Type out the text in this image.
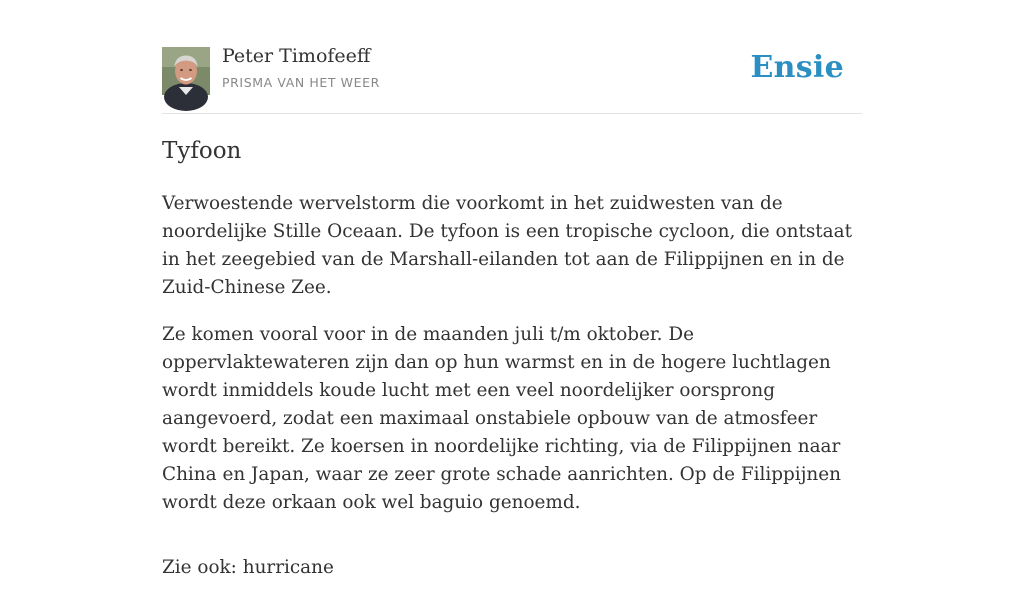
Peter Timofeeff
PRISMA VAN HET WEER	Ensie
Tyfoon

Verwoestende wervelstorm die voorkomt in het zuidwesten van de noordelijke Stille Oceaan. De tyfoon is een tropische cycloon, die ontstaat in het zeegebied van de Marshall-eilanden tot aan de Filippijnen en in de Zuid-Chinese Zee.

Ze komen vooral voor in de maanden juli t/m oktober. De oppervlaktewateren zijn dan op hun warmst en in de hogere luchtlagen wordt inmiddels koude lucht met een veel noordelijker oorsprong aangevoerd, zodat een maximaal onstabiele opbouw van de atmosfeer wordt bereikt. Ze koersen in noordelijke richting, via de Filippijnen naar China en Japan, waar ze zeer grote schade aanrichten. Op de Filippijnen wordt deze orkaan ook wel baguio genoemd.

Zie ook: hurricane
